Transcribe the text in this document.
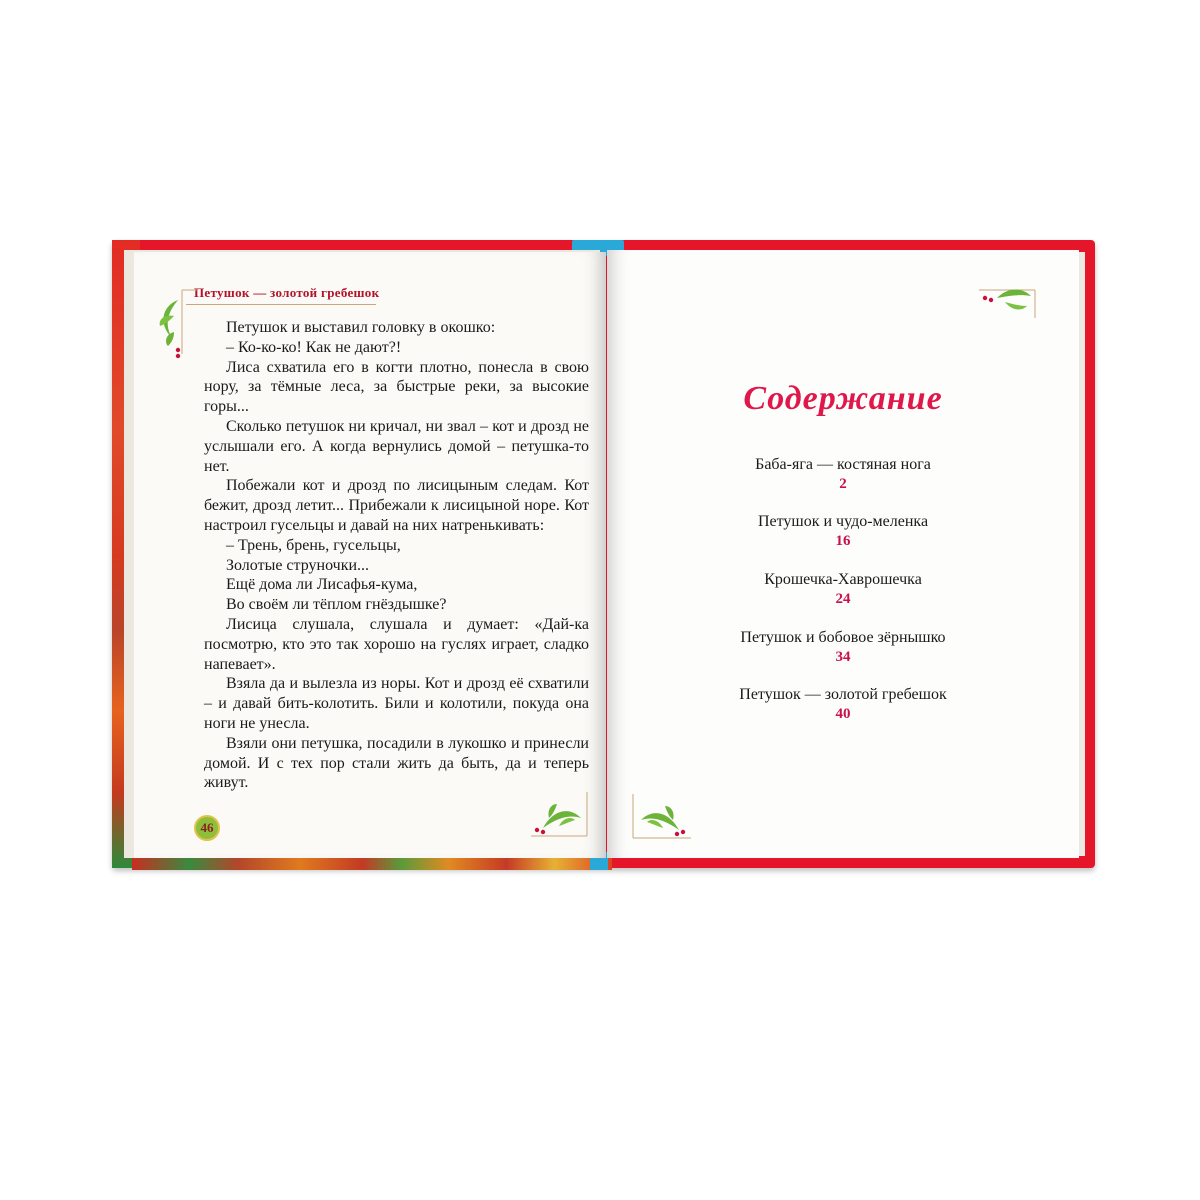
Петушок — золотой гребешок

Петушок и выставил головку в окошко:

– Ко-ко-ко! Как не дают?!

Лиса схватила его в когти плотно, понесла в свою нору, за тёмные леса, за быстрые реки, за высокие горы...

Сколько петушок ни кричал, ни звал – кот и дрозд не услышали его. А когда вернулись домой – петушка-то нет.

Побежали кот и дрозд по лисицыным следам. Кот бежит, дрозд летит... Прибежали к лисицыной норе. Кот настроил гусельцы и давай на них натренькивать:

– Трень, брень, гусельцы,

Золотые струночки...

Ещё дома ли Лисафья-кума,

Во своём ли тёплом гнёздышке?

Лисица слушала, слушала и думает: «Дай-ка посмотрю, кто это так хорошо на гуслях играет, сладко напевает».

Взяла да и вылезла из норы. Кот и дрозд её схватили – и давай бить-колотить. Били и колотили, покуда она ноги не унесла.

Взяли они петушка, посадили в лукошко и принесли домой. И с тех пор стали жить да быть, да и теперь живут.

46
Содержание
Баба-яга — костяная нога
2
Петушок и чудо-меленка
16
Крошечка-Хаврошечка
24
Петушок и бобовое зёрнышко
34
Петушок — золотой гребешок
40
